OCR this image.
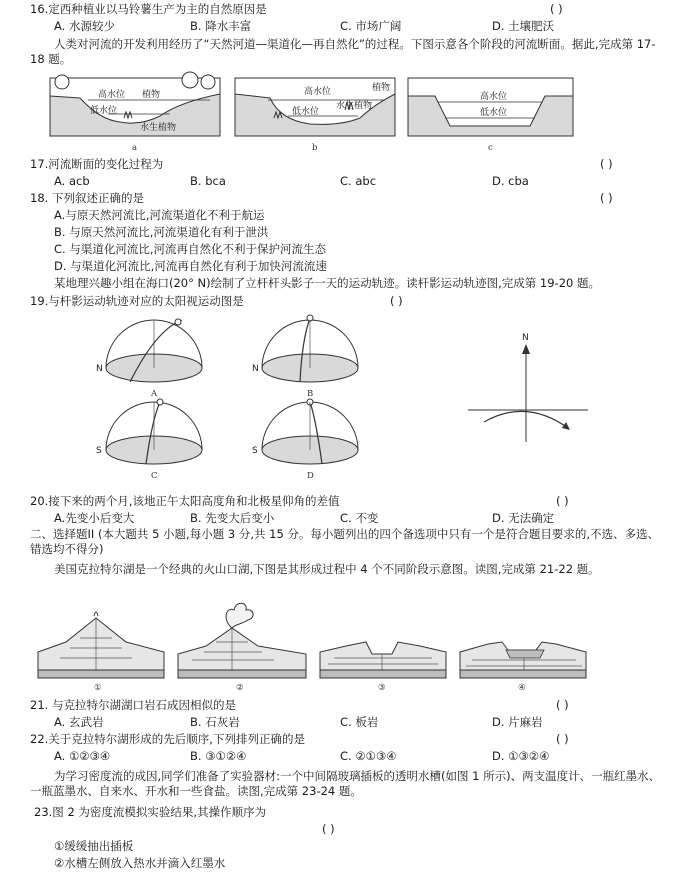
16.定西种植业以马铃薯生产为主的自然原因是	( )
A. 水源较少	B. 降水丰富	C. 市场广阔	D. 土壤肥沃
人类对河流的开发利用经历了“天然河道—渠道化—再自然化”的过程。下图示意各个阶段的河流断面。据此,完成第 17-18 题。
高水位 植物
低水位
水生植物
a
高水位
水生植物
植物
低水位
b
高水位
低水位
c
17.河流断面的变化过程为	( )
A. acb	B. bca	C. abc	D. cba
18. 下列叙述正确的是	( )
A.与原天然河流比,河流渠道化不利于航运
B. 与原天然河流比,河流渠道化有利于泄洪
C. 与渠道化河流比,河流再自然化不利于保护河流生态
D. 与渠道化河流比,河流再自然化有利于加快河流流速
某地理兴趣小组在海口(20° N)绘制了立杆杆头影子一天的运动轨迹。读杆影运动轨迹图,完成第 19-20 题。
19.与杆影运动轨迹对应的太阳视运动图是	( )
N
A
N
B
S
C
S
D
N
20.接下来的两个月,该地正午太阳高度角和北极星仰角的差值	( )
A.先变小后变大	B. 先变大后变小	C. 不变	D. 无法确定
二、选择题II (本大题共 5 小题,每小题 3 分,共 15 分。每小题列出的四个备选项中只有一个是符合题目要求的,不选、多选、错选均不得分)
美国克拉特尔湖是一个经典的火山口湖,下图是其形成过程中 4 个不同阶段示意图。读图,完成第 21-22 题。
①	②	③	④
21. 与克拉特尔湖湖口岩石成因相似的是	( )
A. 玄武岩	B. 石灰岩	C. 板岩	D. 片麻岩
22.关于克拉特尔湖形成的先后顺序,下列排列正确的是	( )
A. ①②③④	B. ③①②④	C. ②①③④	D. ①③②④
为学习密度流的成因,同学们准备了实验器材:一个中间隔玻璃插板的透明水槽(如图 1 所示)、两支温度计、一瓶红墨水、一瓶蓝墨水、自来水、开水和一些食盐。读图,完成第 23-24 题。
23.图 2 为密度流模拟实验结果,其操作顺序为
( )
①缓缓抽出插板
②水槽左侧放入热水并滴入红墨水
